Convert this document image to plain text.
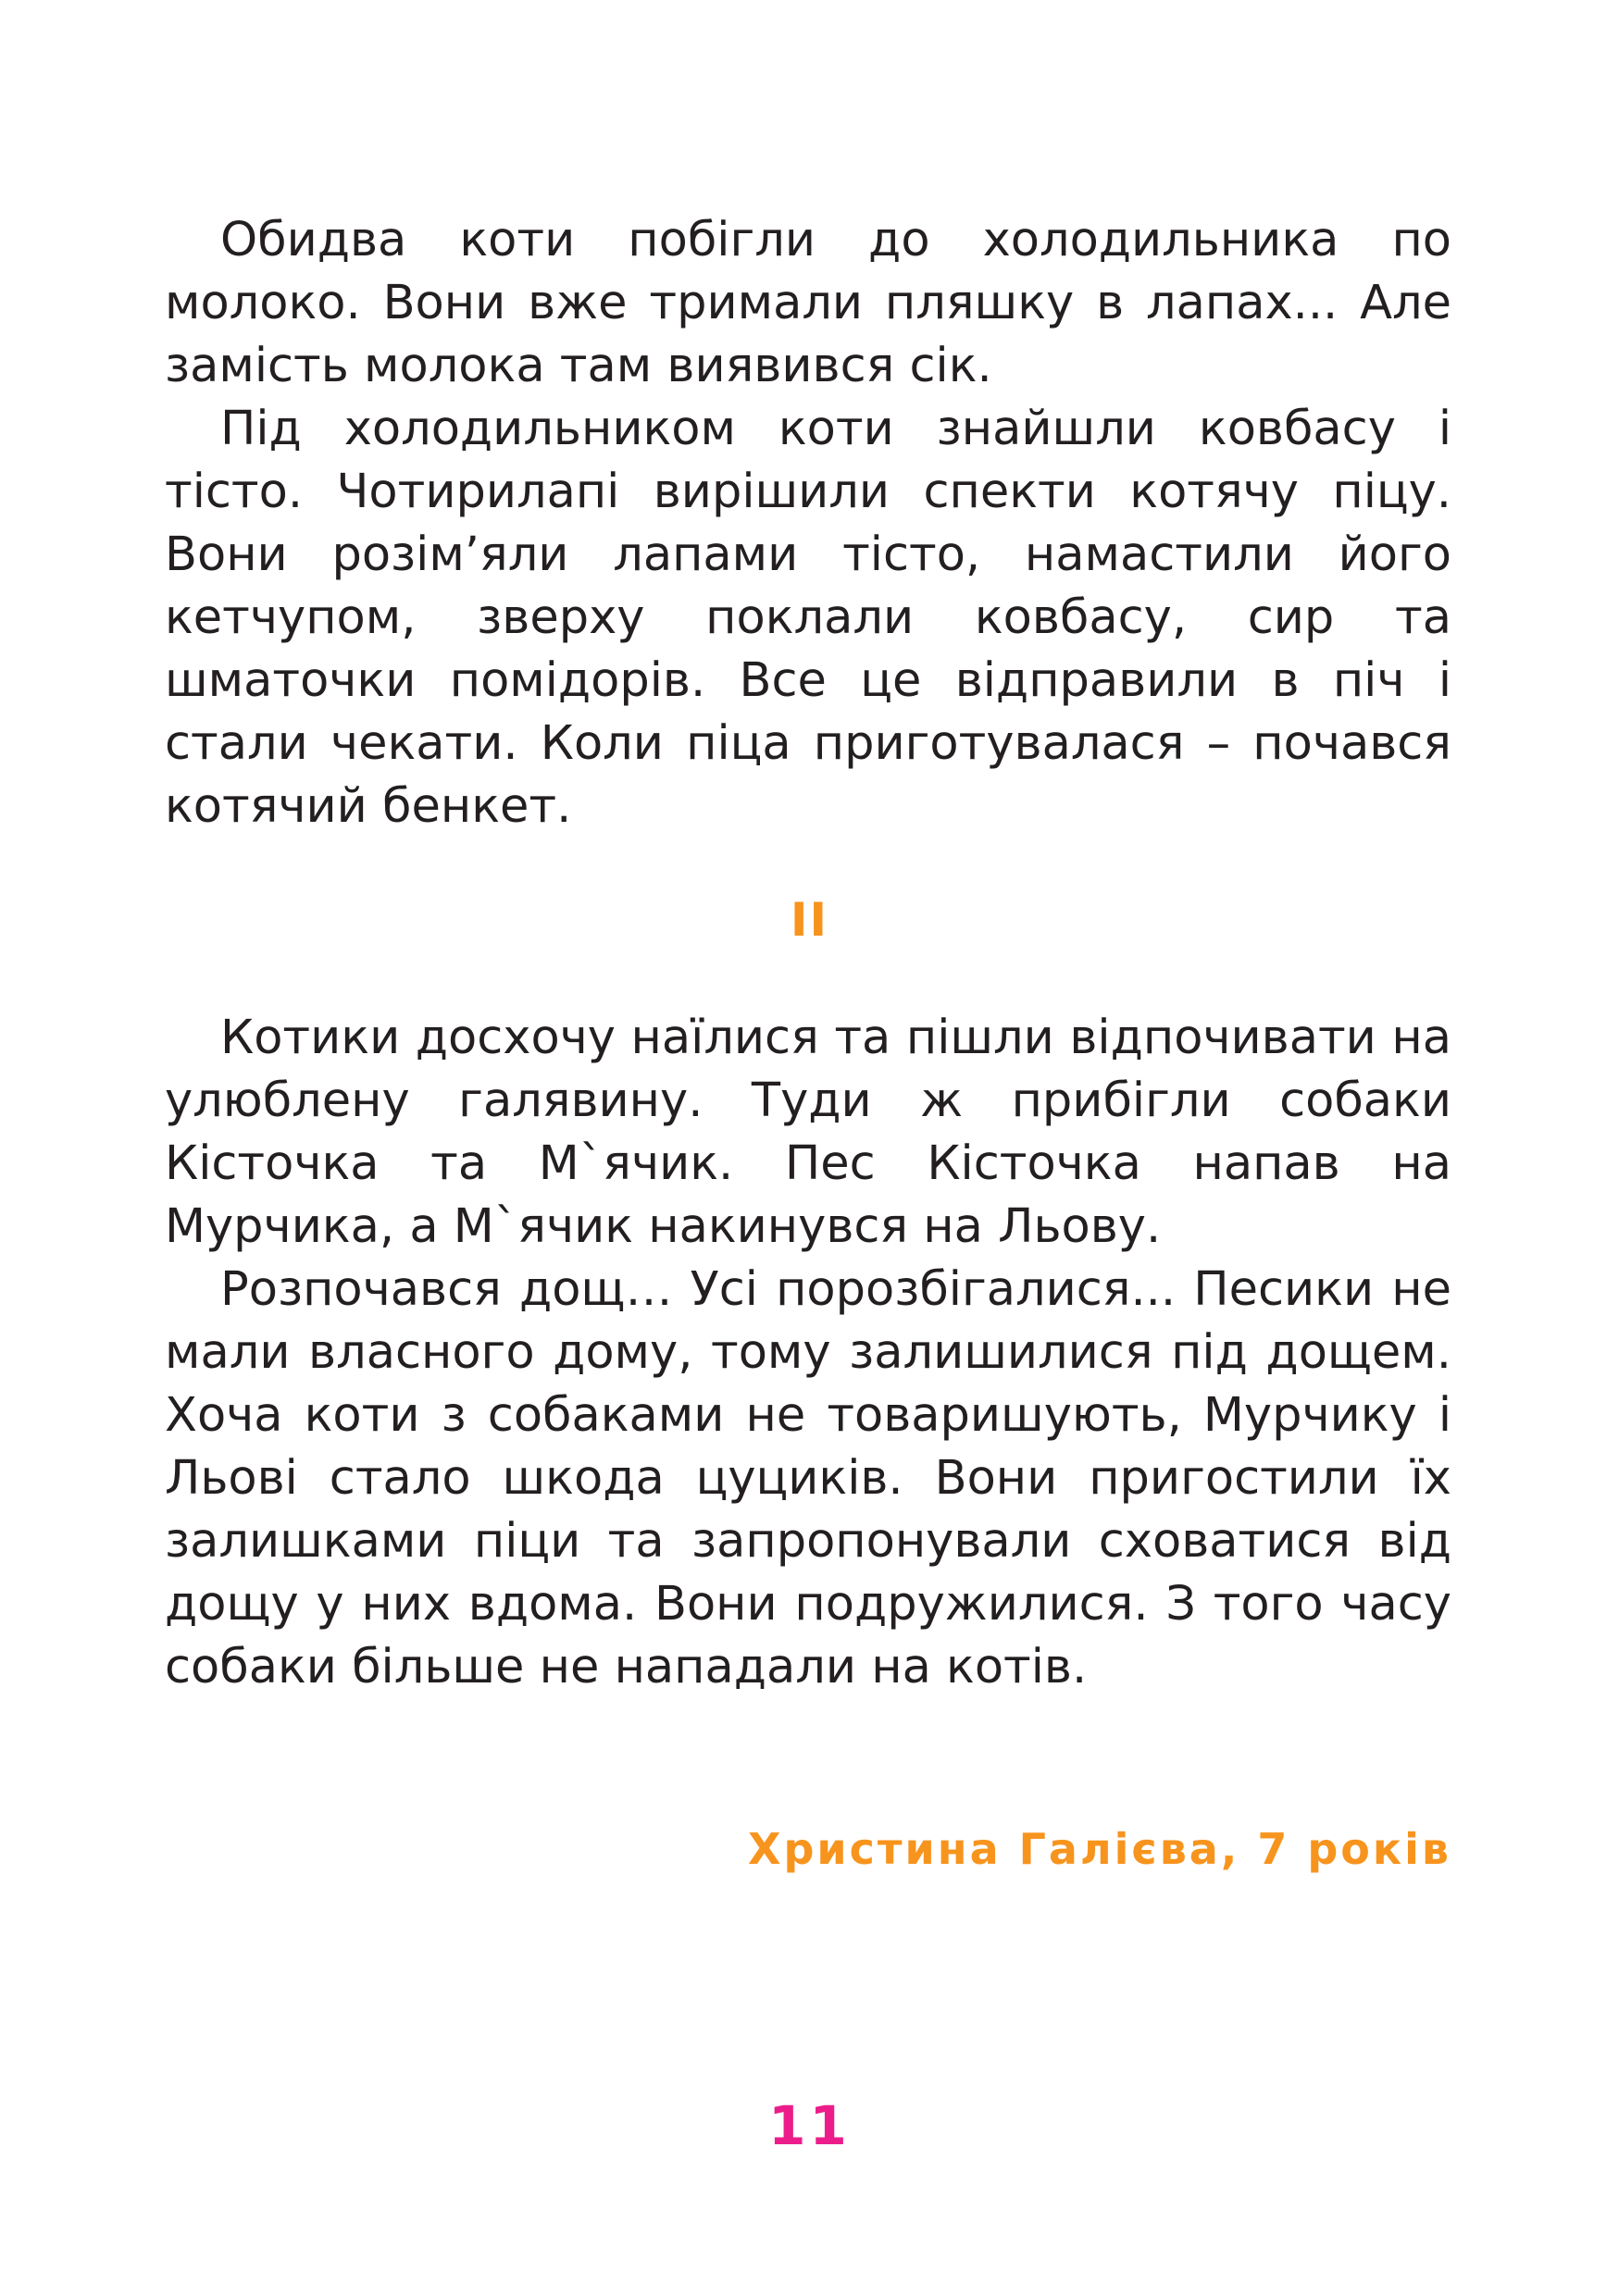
Обидва коти побігли до холодильника по молоко. Вони вже тримали пляшку в лапах... Але замість молока там виявився сік.

Під холодильником коти знайшли ковбасу і тісто. Чотирилапі вирішили спекти котячу піцу. Вони розім’яли лапами тісто, намастили його кетчупом, зверху поклали ковбасу, сир та шматочки помідорів. Все це відправили в піч і стали чекати. Коли піца приготувалася – почався котячий бенкет.

II

Котики досхочу наїлися та пішли відпочивати на улюблену галявину. Туди ж прибігли собаки Кісточка та М`ячик. Пес Кісточка напав на Мурчика, а М`ячик накинувся на Льову.

Розпочався дощ… Усі порозбігалися... Песики не мали власного дому, тому залишилися під дощем. Хоча коти з собаками не товаришують, Мурчику і Льові стало шкода цуциків. Вони пригостили їх залишками піци та запропонували сховатися від дощу у них вдома. Вони подружилися. З того часу собаки більше не нападали на котів.

Христина Галієва, 7 років
11
